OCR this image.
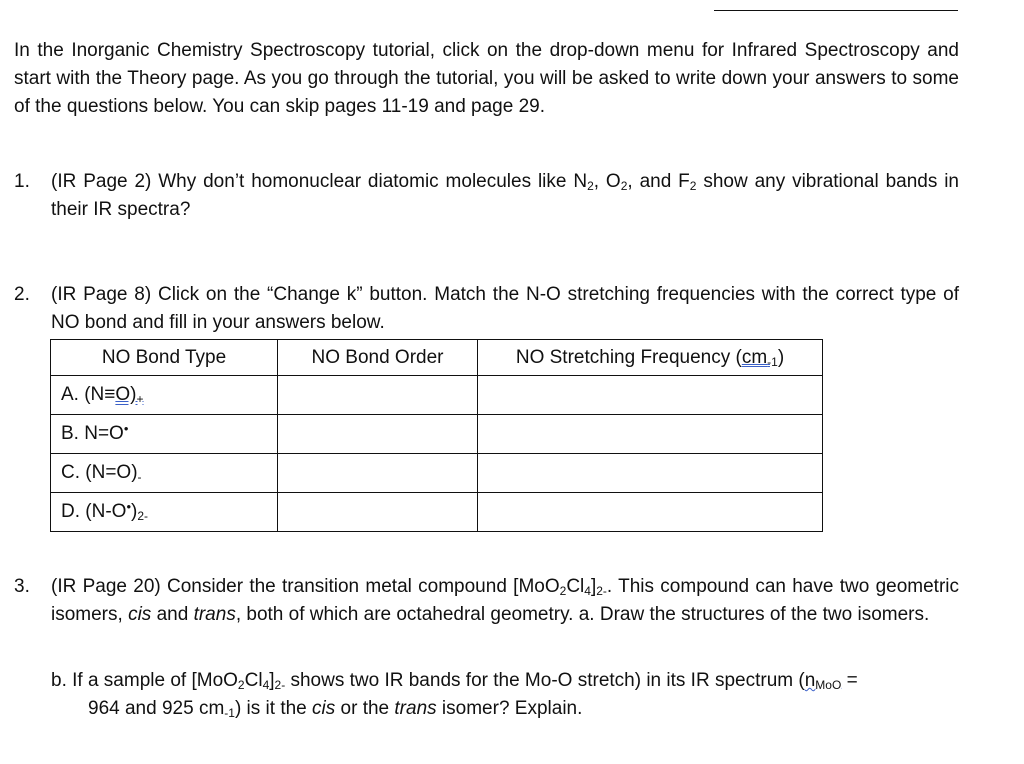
In the Inorganic Chemistry Spectroscopy tutorial, click on the drop-down menu for Infrared Spectroscopy and start with the Theory page. As you go through the tutorial, you will be asked to write down your answers to some of the questions below. You can skip pages 11-19 and page 29.

1. (IR Page 2) Why don’t homonuclear diatomic molecules like $N_2$, $O_2$, and $F_2$ show any vibrational bands in their IR spectra?
2. (IR Page 8) Click on the “Change k” button. Match the N-O stretching frequencies with the correct type of NO bond and fill in your answers below.
NO Bond Type	NO Bond Order	NO Stretching Frequency $(cm_{-1})$
A. $(N\equiv O)_+$		
B. N=O•		
C. $(N=O)_-$		
D. $(N-O^•)_{2-}$		
3. (IR Page 20) Consider the transition metal compound $[MoO_2Cl_4]_{2-}$. This compound can have two geometric isomers, cis and trans, both of which are octahedral geometry. a. Draw the structures of the two isomers.
b. If a sample of $[MoO_2Cl_4]_{2-}$ shows two IR bands for the Mo-O stretch) in its IR spectrum ($n_{MoO}$ =
964 and 925 $cm_{-1}$) is it the cis or the trans isomer? Explain.
